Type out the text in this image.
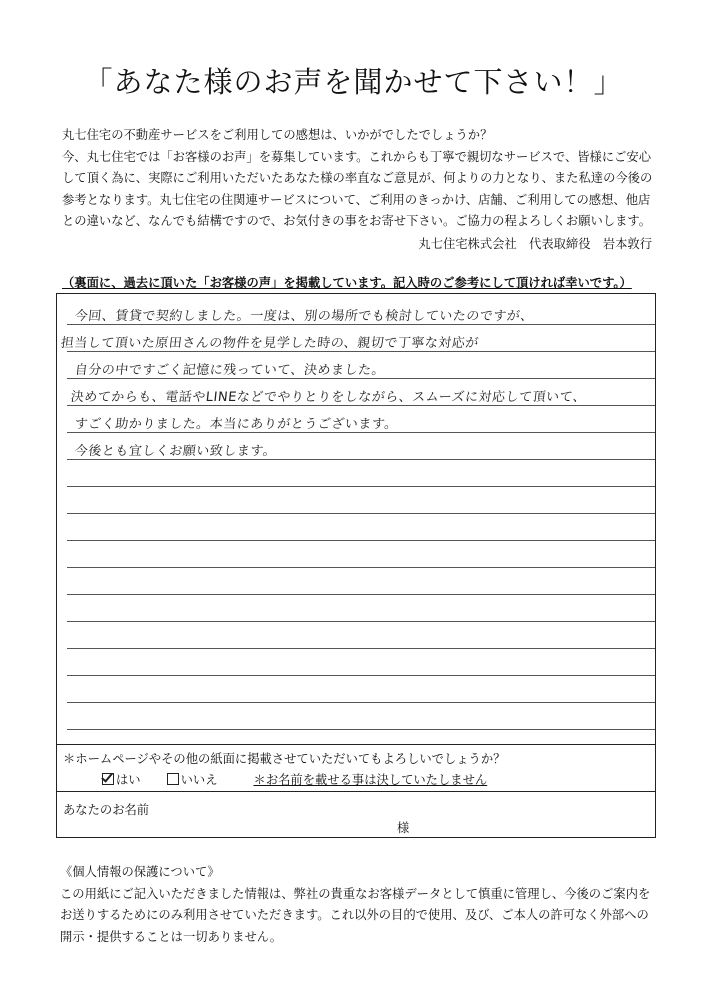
「あなた様のお声を聞かせて下さい！」
丸七住宅の不動産サービスをご利用しての感想は、いかがでしたでしょうか？
今、丸七住宅では「お客様のお声」を募集しています。これからも丁寧で親切なサービスで、皆様にご安心
して頂く為に、実際にご利用いただいたあなた様の率直なご意見が、何よりの力となり、また私達の今後の
参考となります。丸七住宅の住関連サービスについて、ご利用のきっかけ、店舗、ご利用しての感想、他店
との違いなど、なんでも結構ですので、お気付きの事をお寄せ下さい。ご協力の程よろしくお願いします。
丸七住宅株式会社　代表取締役　岩本敦行
（裏面に、過去に頂いた「お客様の声」を掲載しています。記入時のご参考にして頂ければ幸いです。）
今回、賃貸で契約しました。一度は、別の場所でも検討していたのですが、
担当して頂いた原田さんの物件を見学した時の、親切で丁寧な対応が
自分の中ですごく記憶に残っていて、決めました。
決めてからも、電話やLINEなどでやりとりをしながら、スムーズに対応して頂いて、
すごく助かりました。本当にありがとうございます。
今後とも宜しくお願い致します。
＊ホームページやその他の紙面に掲載させていただいてもよろしいでしょうか？
はい	いいえ	＊お名前を載せる事は決していたしません
あなたのお名前
様
《個人情報の保護について》
この用紙にご記入いただきました情報は、弊社の貴重なお客様データとして慎重に管理し、今後のご案内を
お送りするためにのみ利用させていただきます。これ以外の目的で使用、及び、ご本人の許可なく外部への
開示・提供することは一切ありません。
